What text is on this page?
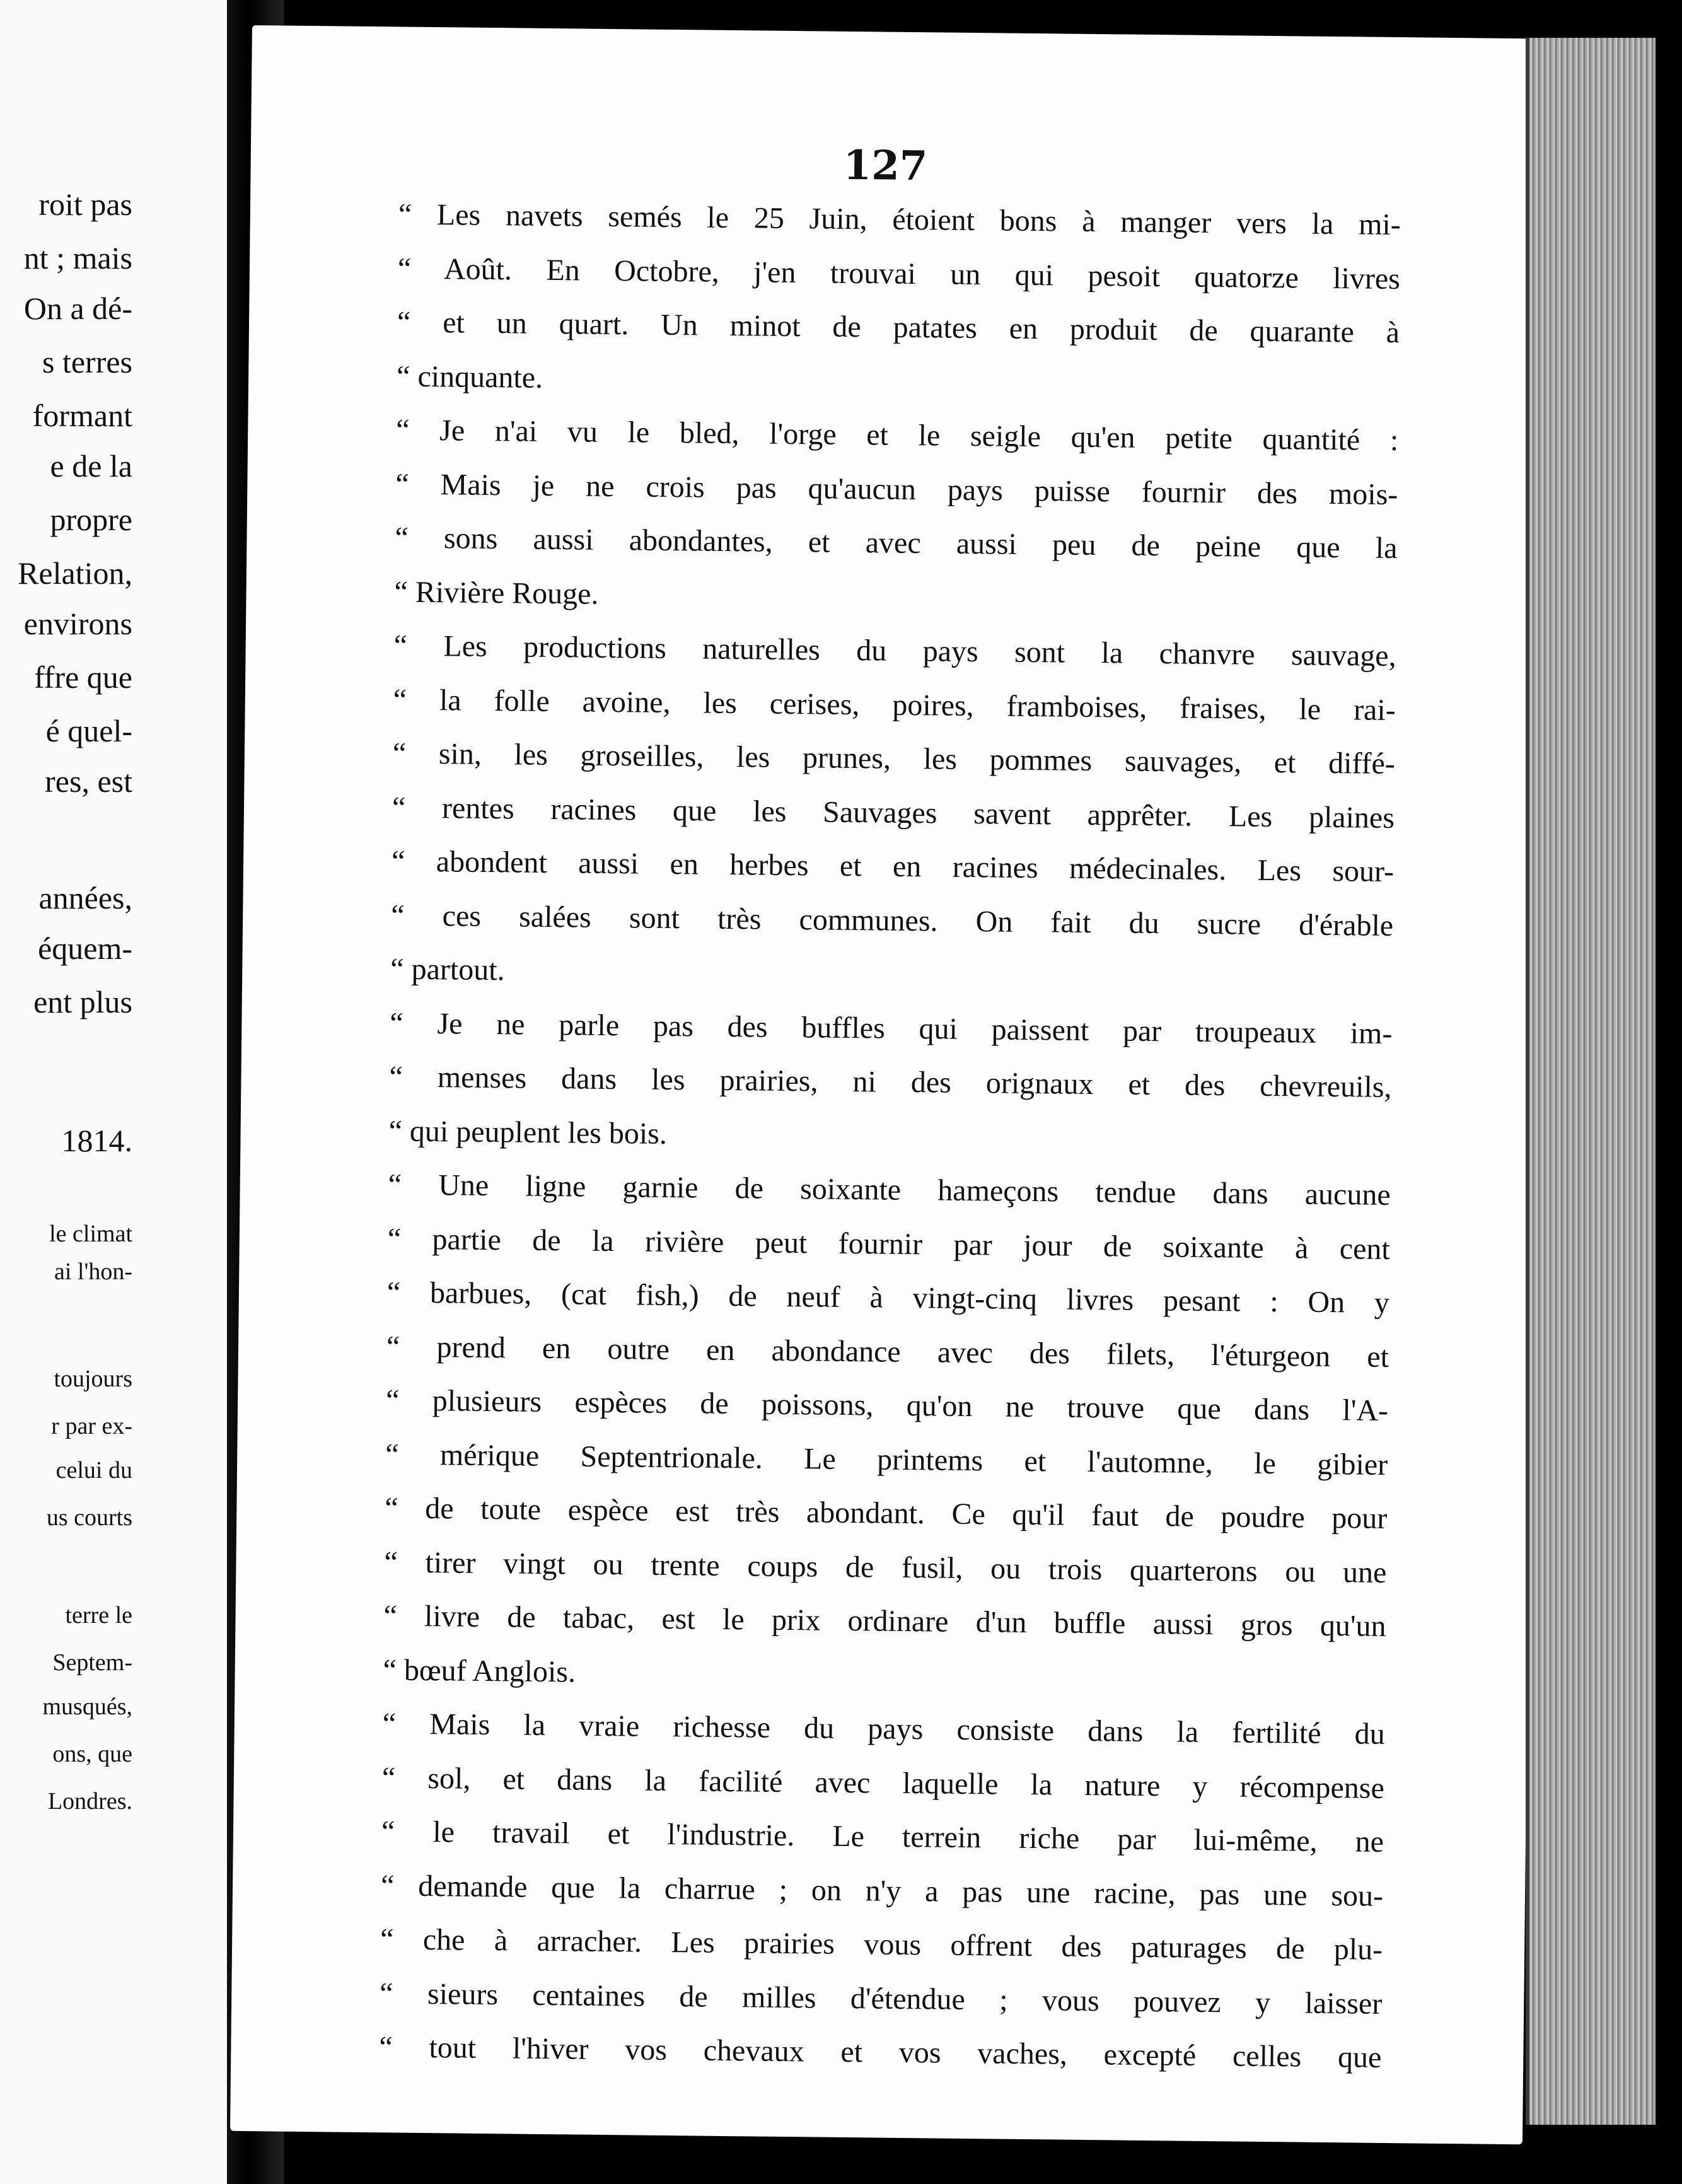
roit pas
nt ; mais
On a dé-
s terres
formant
e de la
propre
Relation,
environs
ffre que
é quel-
res, est
années,
équem-
ent plus
1814.
le climat
ai l'hon-
toujours
r par ex-
celui du
us courts
terre le
Septem-
musqués,
ons, que
Londres.
127
“ Les navets semés le 25 Juin, étoient bons à manger vers la mi-
“ Août. En Octobre, j'en trouvai un qui pesoit quatorze livres
“ et un quart. Un minot de patates en produit de quarante à
“ cinquante.
“ Je n'ai vu le bled, l'orge et le seigle qu'en petite quantité :
“ Mais je ne crois pas qu'aucun pays puisse fournir des mois-
“ sons aussi abondantes, et avec aussi peu de peine que la
“ Rivière Rouge.
“ Les productions naturelles du pays sont la chanvre sauvage,
“ la folle avoine, les cerises, poires, framboises, fraises, le rai-
“ sin, les groseilles, les prunes, les pommes sauvages, et diffé-
“ rentes racines que les Sauvages savent apprêter. Les plaines
“ abondent aussi en herbes et en racines médecinales. Les sour-
“ ces salées sont très communes. On fait du sucre d'érable
“ partout.
“ Je ne parle pas des buffles qui paissent par troupeaux im-
“ menses dans les prairies, ni des orignaux et des chevreuils,
“ qui peuplent les bois.
“ Une ligne garnie de soixante hameçons tendue dans aucune
“ partie de la rivière peut fournir par jour de soixante à cent
“ barbues, (cat fish,) de neuf à vingt-cinq livres pesant : On y
“ prend en outre en abondance avec des filets, l'éturgeon et
“ plusieurs espèces de poissons, qu'on ne trouve que dans l'A-
“ mérique Septentrionale. Le printems et l'automne, le gibier
“ de toute espèce est très abondant. Ce qu'il faut de poudre pour
“ tirer vingt ou trente coups de fusil, ou trois quarterons ou une
“ livre de tabac, est le prix ordinare d'un buffle aussi gros qu'un
“ bœuf Anglois.
“ Mais la vraie richesse du pays consiste dans la fertilité du
“ sol, et dans la facilité avec laquelle la nature y récompense
“ le travail et l'industrie. Le terrein riche par lui-même, ne
“ demande que la charrue ; on n'y a pas une racine, pas une sou-
“ che à arracher. Les prairies vous offrent des paturages de plu-
“ sieurs centaines de milles d'étendue ; vous pouvez y laisser
“ tout l'hiver vos chevaux et vos vaches, excepté celles que
